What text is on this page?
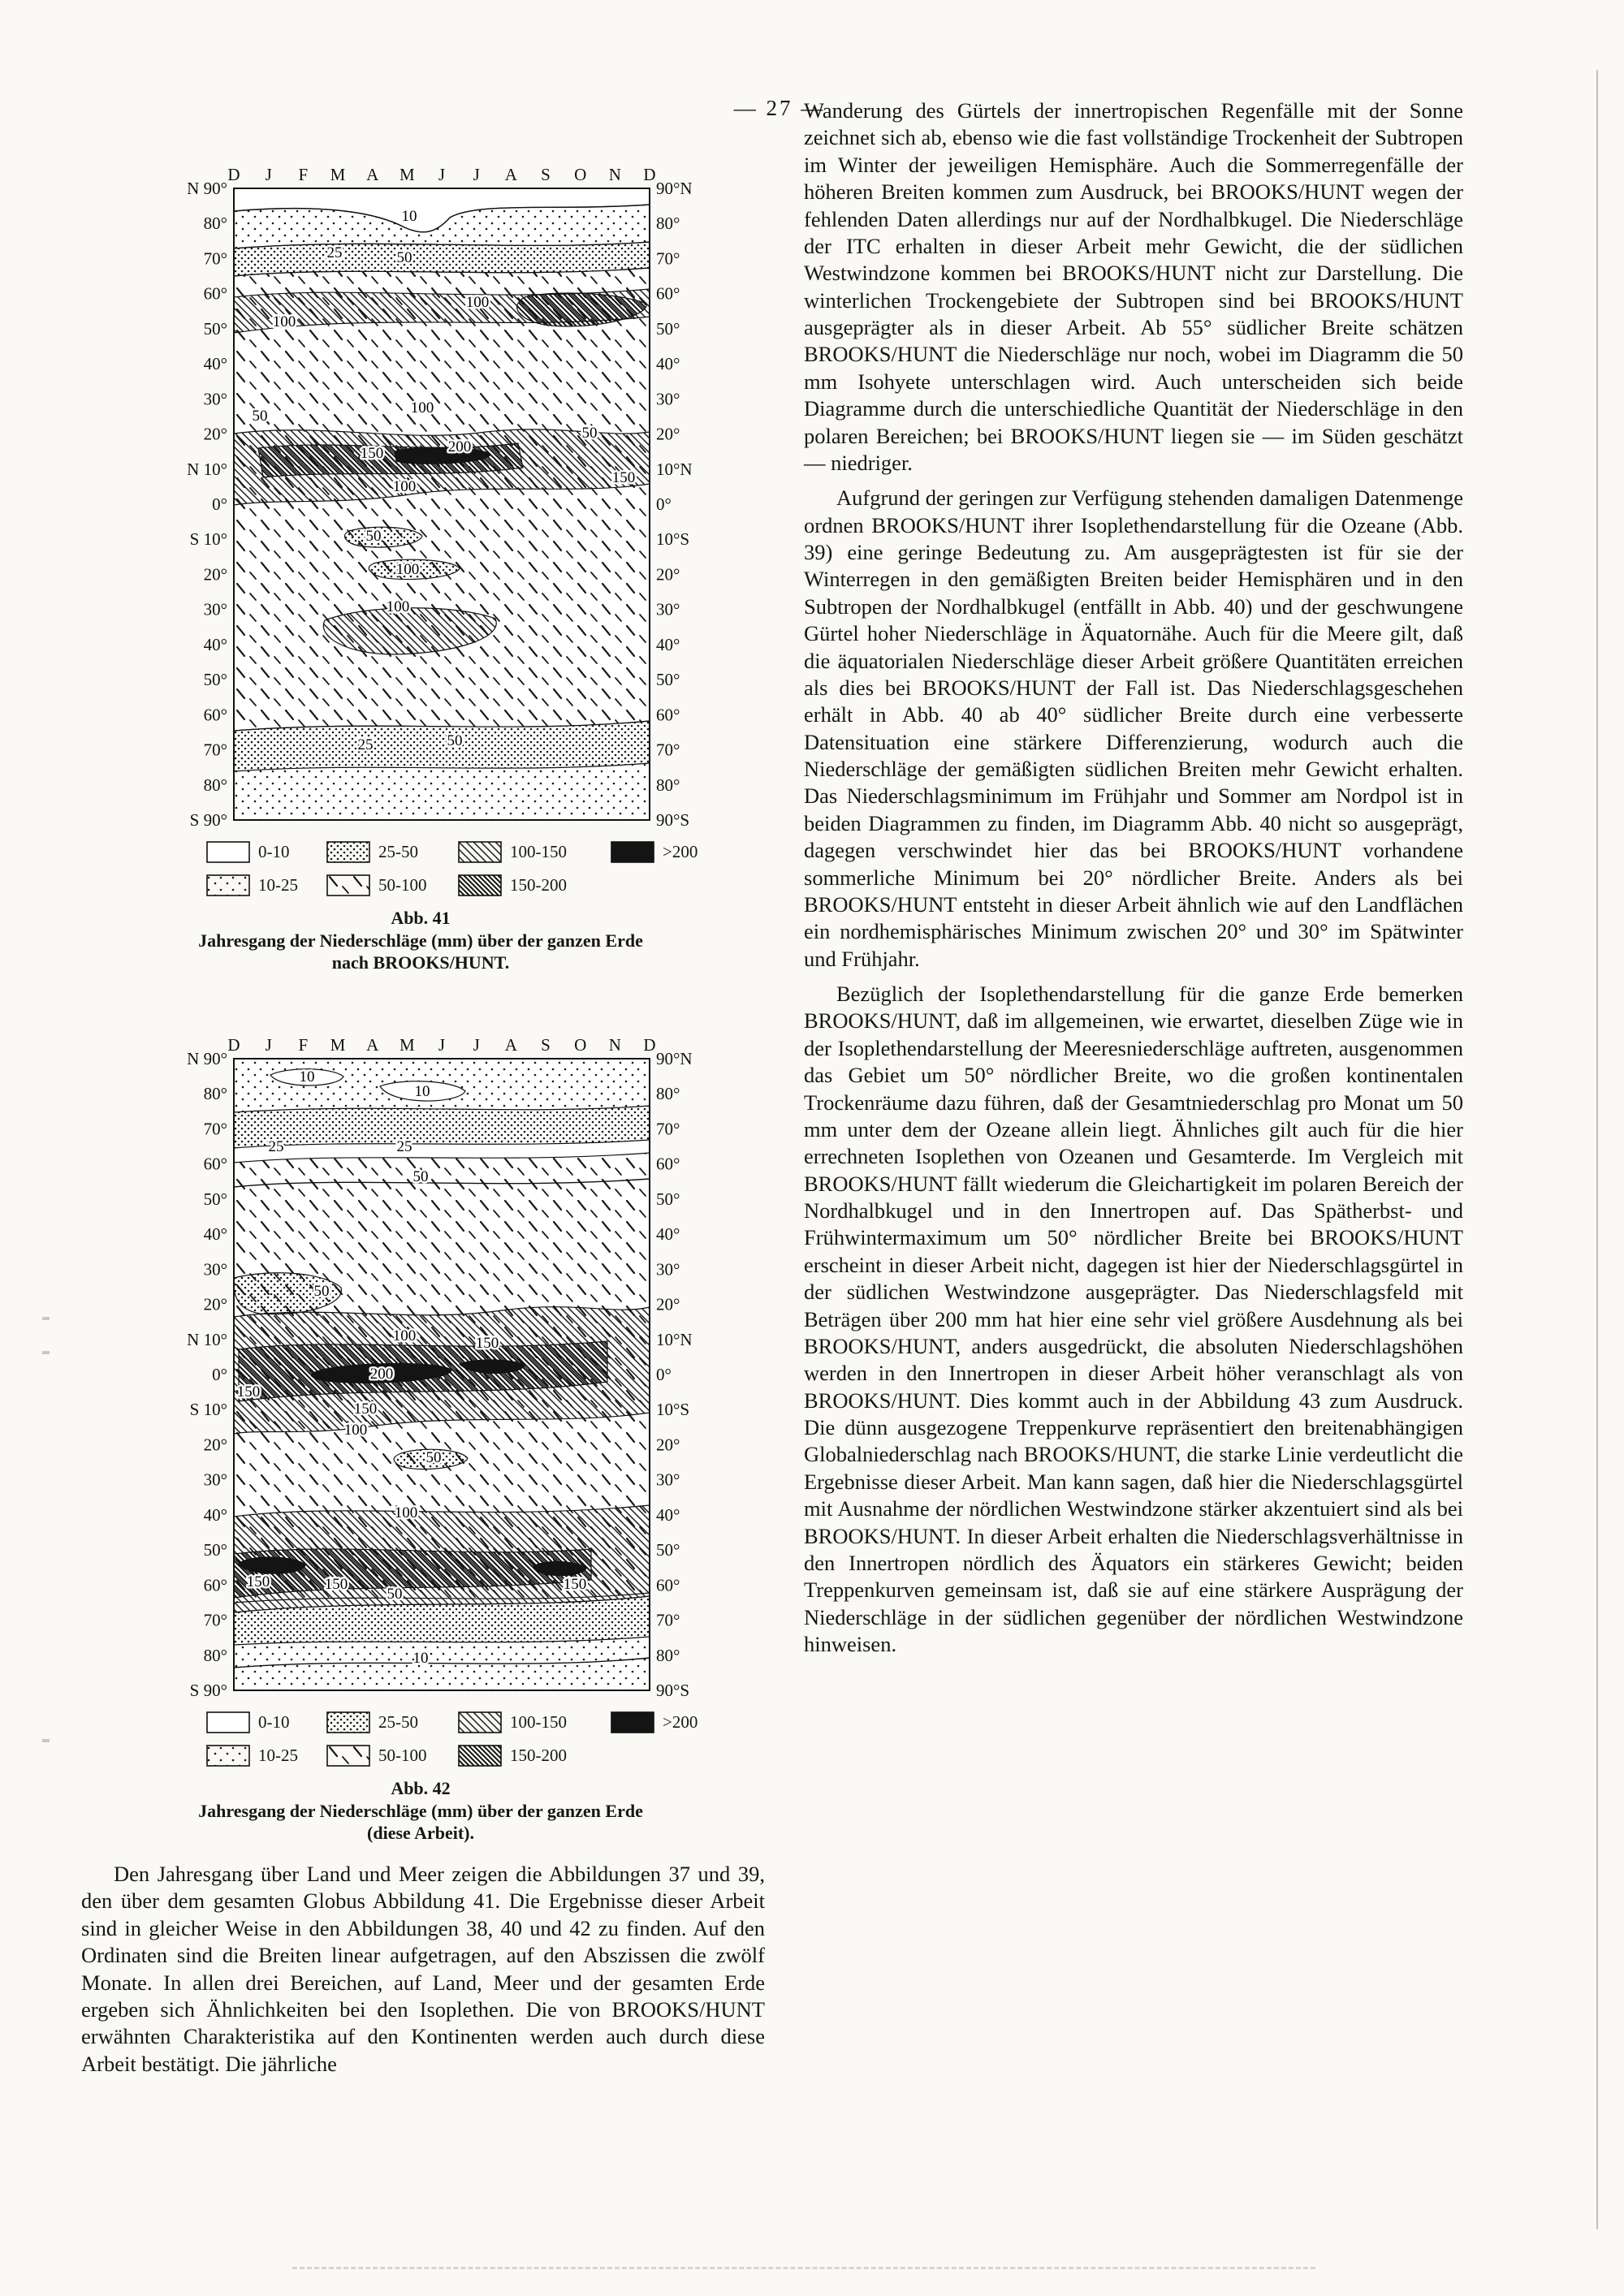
— 27 —
D J F M A M J J A S O N D
N 90°
80°
70°
60°
50°
40°
30°
20°
N 10°
0°
S 10°
20°
30°
40°
50°
60°
70°
80°
S 90°
90°N
80°
70°
60°
50°
40°
30°
20°
10°N
0°
10°S
20°
30°
40°
50°
60°
70°
80°
90°S
10
25	50
100
100
50	100
150	200
50
150
100
50
100
100
25	50
0-10	25-50	100-150	>200
10-25	50-100	150-200
Abb. 41
Jahresgang der Niederschläge (mm) über der ganzen Erde
nach BROOKS/HUNT.
D J F M A M J J A S O N D
N 90°
80°
70°
60°
50°
40°
30°
20°
N 10°
0°
S 10°
20°
30°
40°
50°
60°
70°
80°
S 90°
90°N
80°
70°
60°
50°
40°
30°
20°
10°N
0°
10°S
20°
30°
40°
50°
60°
70°
80°
90°S
10
10
25	25
50
50
100	150
200
150
150
100
50
100
150	150
50
150
10
0-10	25-50	100-150	>200
10-25	50-100	150-200
Abb. 42
Jahresgang der Niederschläge (mm) über der ganzen Erde
(diese Arbeit).

Den Jahresgang über Land und Meer zeigen die Abbildungen 37 und 39, den über dem gesamten Globus Abbildung 41. Die Ergebnisse dieser Arbeit sind in gleicher Weise in den Abbildungen 38, 40 und 42 zu finden. Auf den Ordinaten sind die Breiten linear aufgetragen, auf den Abszissen die zwölf Monate. In allen drei Bereichen, auf Land, Meer und der gesamten Erde ergeben sich Ähnlichkeiten bei den Isoplethen. Die von BROOKS/HUNT erwähnten Charakteristika auf den Kontinenten werden auch durch diese Arbeit bestätigt. Die jährliche

Wanderung des Gürtels der innertropischen Regenfälle mit der Sonne zeichnet sich ab, ebenso wie die fast vollständige Trockenheit der Subtropen im Winter der jeweiligen Hemisphäre. Auch die Sommerregenfälle der höheren Breiten kommen zum Ausdruck, bei BROOKS/HUNT wegen der fehlenden Daten allerdings nur auf der Nordhalbkugel. Die Niederschläge der ITC erhalten in dieser Arbeit mehr Gewicht, die der südlichen Westwindzone kommen bei BROOKS/HUNT nicht zur Darstellung. Die winterlichen Trockengebiete der Subtropen sind bei BROOKS/HUNT ausgeprägter als in dieser Arbeit. Ab 55° südlicher Breite schätzen BROOKS/HUNT die Niederschläge nur noch, wobei im Diagramm die 50 mm Isohyete unterschlagen wird. Auch unterscheiden sich beide Diagramme durch die unterschiedliche Quantität der Niederschläge in den polaren Bereichen; bei BROOKS/HUNT liegen sie — im Süden geschätzt — niedriger.

Aufgrund der geringen zur Verfügung stehenden damaligen Datenmenge ordnen BROOKS/HUNT ihrer Isoplethendarstellung für die Ozeane (Abb. 39) eine geringe Bedeutung zu. Am ausgeprägtesten ist für sie der Winterregen in den gemäßigten Breiten beider Hemisphären und in den Subtropen der Nordhalbkugel (entfällt in Abb. 40) und der geschwungene Gürtel hoher Niederschläge in Äquatornähe. Auch für die Meere gilt, daß die äquatorialen Niederschläge dieser Arbeit größere Quantitäten erreichen als dies bei BROOKS/HUNT der Fall ist. Das Niederschlagsgeschehen erhält in Abb. 40 ab 40° südlicher Breite durch eine verbesserte Datensituation eine stärkere Differenzierung, wodurch auch die Niederschläge der gemäßigten südlichen Breiten mehr Gewicht erhalten. Das Niederschlagsminimum im Frühjahr und Sommer am Nordpol ist in beiden Diagrammen zu finden, im Diagramm Abb. 40 nicht so ausgeprägt, dagegen verschwindet hier das bei BROOKS/HUNT vorhandene sommerliche Minimum bei 20° nördlicher Breite. Anders als bei BROOKS/HUNT entsteht in dieser Arbeit ähnlich wie auf den Landflächen ein nordhemisphärisches Minimum zwischen 20° und 30° im Spätwinter und Frühjahr.

Bezüglich der Isoplethendarstellung für die ganze Erde bemerken BROOKS/HUNT, daß im allgemeinen, wie erwartet, dieselben Züge wie in der Isoplethendarstellung der Meeresniederschläge auftreten, ausgenommen das Gebiet um 50° nördlicher Breite, wo die großen kontinentalen Trockenräume dazu führen, daß der Gesamtniederschlag pro Monat um 50 mm unter dem der Ozeane allein liegt. Ähnliches gilt auch für die hier errechneten Isoplethen von Ozeanen und Gesamterde. Im Vergleich mit BROOKS/HUNT fällt wiederum die Gleichartigkeit im polaren Bereich der Nordhalbkugel und in den Innertropen auf. Das Spätherbst- und Frühwintermaximum um 50° nördlicher Breite bei BROOKS/HUNT erscheint in dieser Arbeit nicht, dagegen ist hier der Niederschlagsgürtel in der südlichen Westwindzone ausgeprägter. Das Niederschlagsfeld mit Beträgen über 200 mm hat hier eine sehr viel größere Ausdehnung als bei BROOKS/HUNT, anders ausgedrückt, die absoluten Niederschlagshöhen werden in den Innertropen in dieser Arbeit höher veranschlagt als von BROOKS/HUNT. Dies kommt auch in der Abbildung 43 zum Ausdruck. Die dünn ausgezogene Treppenkurve repräsentiert den breitenabhängigen Globalniederschlag nach BROOKS/HUNT, die starke Linie verdeutlicht die Ergebnisse dieser Arbeit. Man kann sagen, daß hier die Niederschlagsgürtel mit Ausnahme der nördlichen Westwindzone stärker akzentuiert sind als bei BROOKS/HUNT. In dieser Arbeit erhalten die Niederschlagsverhältnisse in den Innertropen nördlich des Äquators ein stärkeres Gewicht; beiden Treppenkurven gemeinsam ist, daß sie auf eine stärkere Ausprägung der Niederschläge in der südlichen gegenüber der nördlichen Westwindzone hinweisen.
